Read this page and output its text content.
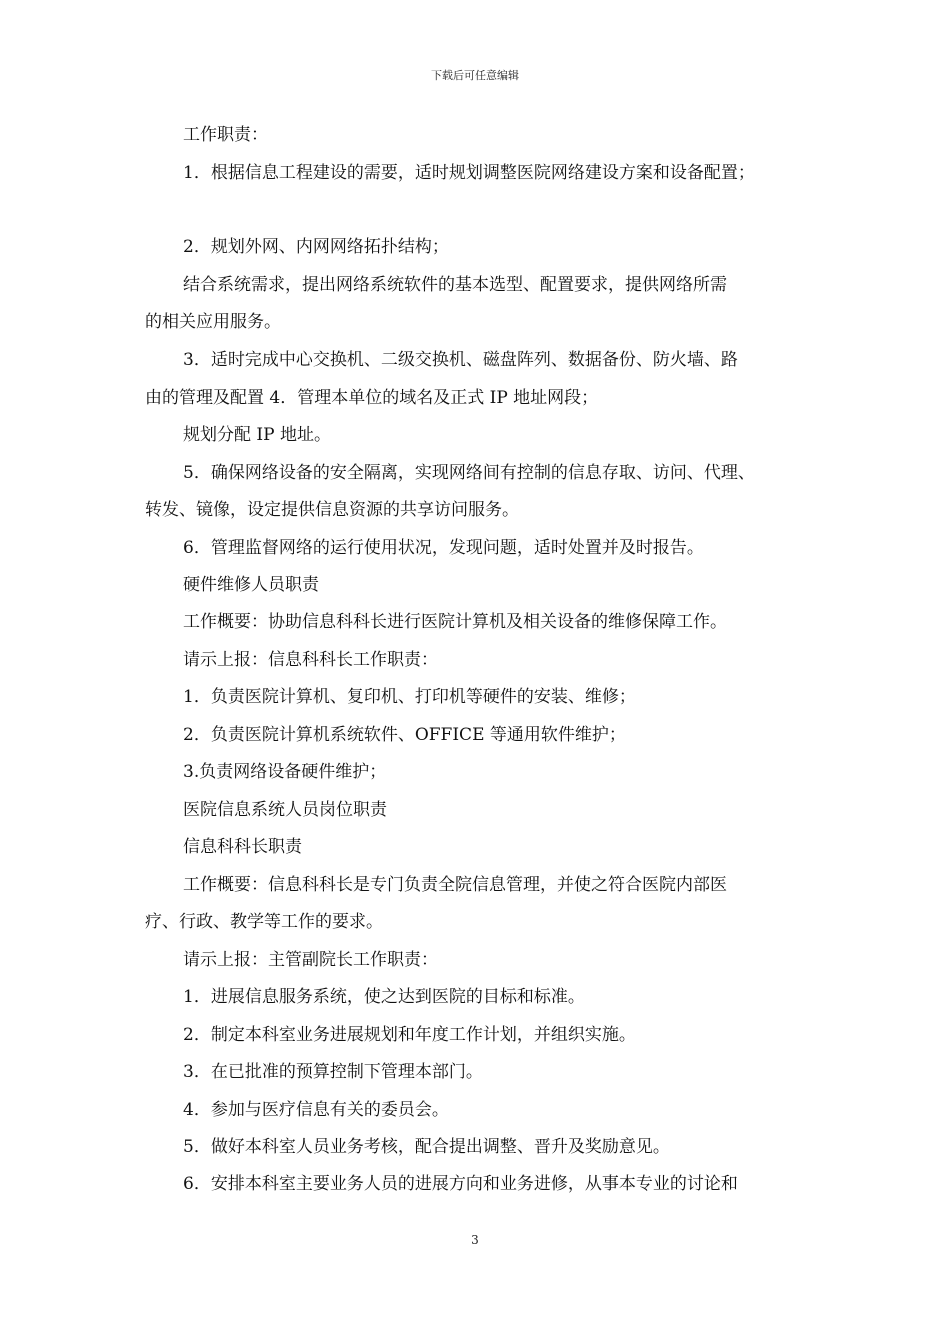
下载后可任意编辑
工作职责：
1．根据信息工程建设的需要，适时规划调整医院网络建设方案和设备配置；
2．规划外网、内网网络拓扑结构；
结合系统需求，提出网络系统软件的基本选型、配置要求，提供网络所需
的相关应用服务。
3．适时完成中心交换机、二级交换机、磁盘阵列、数据备份、防火墙、路
由的管理及配置 4．管理本单位的域名及正式 IP 地址网段；
规划分配 IP 地址。
5．确保网络设备的安全隔离，实现网络间有控制的信息存取、访问、代理、
转发、镜像，设定提供信息资源的共享访问服务。
6．管理监督网络的运行使用状况，发现问题，适时处置并及时报告。
硬件维修人员职责
工作概要：协助信息科科长进行医院计算机及相关设备的维修保障工作。
请示上报：信息科科长工作职责：
1．负责医院计算机、复印机、打印机等硬件的安装、维修；
2．负责医院计算机系统软件、OFFICE 等通用软件维护；
3.负责网络设备硬件维护；
医院信息系统人员岗位职责
信息科科长职责
工作概要：信息科科长是专门负责全院信息管理，并使之符合医院内部医
疗、行政、教学等工作的要求。
请示上报：主管副院长工作职责：
1．进展信息服务系统，使之达到医院的目标和标准。
2．制定本科室业务进展规划和年度工作计划，并组织实施。
3．在已批准的预算控制下管理本部门。
4．参加与医疗信息有关的委员会。
5．做好本科室人员业务考核，配合提出调整、晋升及奖励意见。
6．安排本科室主要业务人员的进展方向和业务进修，从事本专业的讨论和
3
